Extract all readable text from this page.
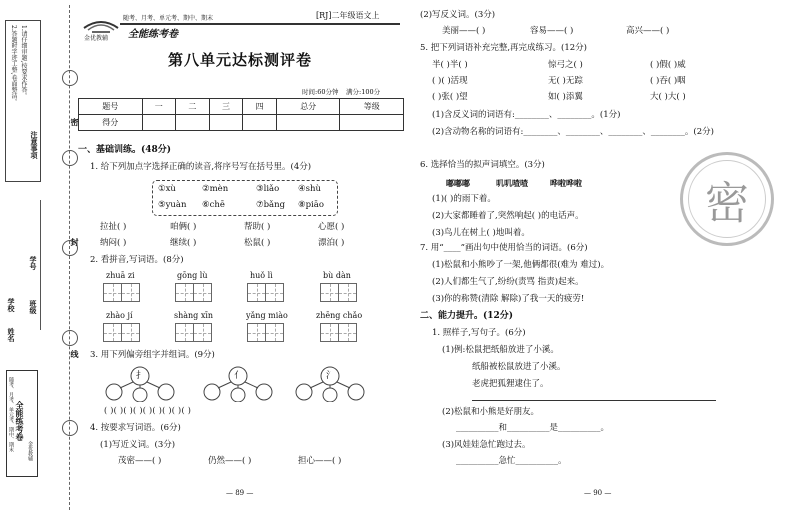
密
封
线
注意事项
1.请仔细审题,按要求作答。
2.答题时字迹工整,卷面整洁。
学号
班级
学校
姓名
全能练考卷
随考、月考、单元考、期中、期末	金优教辅
金优教辅
随考、月考、单元考、期中、期末
全能练考卷
[RJ]二年级语文上
第八单元达标测评卷
时间:60分钟 满分:100分
题号	一	二	三	四	总分	等级
得分						
一、基础训练。(48分)
1. 给下列加点字选择正确的读音,将序号写在括号里。(4分)
①xù	②mèn	③liǎo ④shù
⑤yuàn ⑥chē	⑦bǎng ⑧piāo
拉扯( )	咱俩( )	帮助( )	心愿( )
纳闷( )	继续( )	松鼠( )	漂泊( )
2. 看拼音,写词语。(8分)
zhuā zi	gōng lù	huǒ lì	bù dàn
zhào jí	shàng xīn	yǎng miào	zhēng chǎo
3. 用下列偏旁组字并组词。(9分)
扌	亻	氵
( )( )( )( )( )( )( )( )( )
4. 按要求写词语。(6分)
(1)写近义词。(3分)
茂密——( )	仍然——( )	担心——( )
— 89 —
(2)写反义词。(3分)
美丽——( )	容易——( )	高兴——( )
5. 把下列词语补充完整,再完成练习。(12分)
半( )半( )	惊弓之( )	( )假( )威
( )( )活现	无( )无踪	( )吞( )咽
( )张( )望	如( )添翼	大( )大( )
(1)含反义词的词语有:________、________。(1分)
(2)含动物名称的词语有:________、________、________、________。(2分)
6. 选择恰当的拟声词填空。(3分)
嘟嘟嘟	叽叽喳喳	哗啦哗啦
(1)( )的雨下着。
(2)大家都睡着了,突然响起( )的电话声。
(3)鸟儿在树上( )地叫着。
密
7. 用“____”画出句中使用恰当的词语。(6分)
(1)松鼠和小熊吵了一架,他俩都很(难为 难过)。
(2)人们都生气了,纷纷(责骂 指责)起来。
(3)你的称赞(清除 解除)了我一天的疲劳!
二、能力提升。(12分)
1. 照样子,写句子。(6分)
(1)例:松鼠把纸船放进了小溪。
纸船被松鼠放进了小溪。
老虎把狐狸逮住了。
(2)松鼠和小熊是好朋友。
__________和__________是__________。
(3)风娃娃急忙跑过去。
__________急忙__________。
— 90 —
